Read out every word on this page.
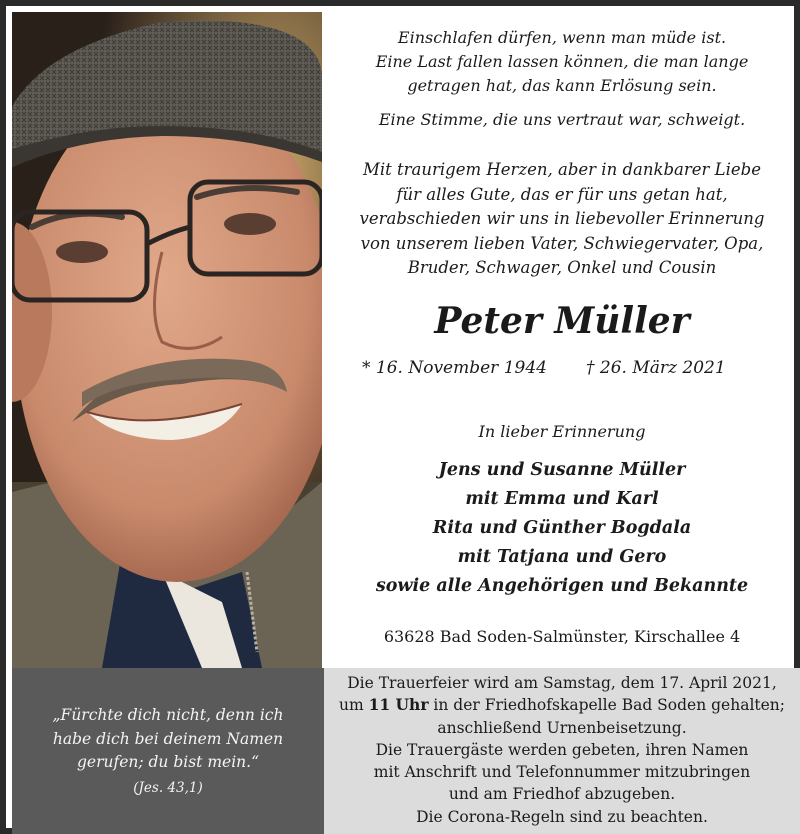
Einschlafen dürfen, wenn man müde ist.

Eine Last fallen lassen können, die man lange

getragen hat, das kann Erlösung sein.

Eine Stimme, die uns vertraut war, schweigt.

Mit traurigem Herzen, aber in dankbarer Liebe
für alles Gute, das er für uns getan hat,
verabschieden wir uns in liebevoller Erinnerung
von unserem lieben Vater, Schwiegervater, Opa,
Bruder, Schwager, Onkel und Cousin
Peter Müller
* 16. November 1944 † 26. März 2021
In lieber Erinnerung
Jens und Susanne Müller
mit Emma und Karl
Rita und Günther Bogdala
mit Tatjana und Gero
sowie alle Angehörigen und Bekannte
63628 Bad Soden-Salmünster, Kirschallee 4
„Fürchte dich nicht, denn ich
habe dich bei deinem Namen
gerufen; du bist mein.“
(Jes. 43,1)
Die Trauerfeier wird am Samstag, dem 17. April 2021,
um 11 Uhr in der Friedhofskapelle Bad Soden gehalten;
anschließend Urnenbeisetzung.
Die Trauergäste werden gebeten, ihren Namen
mit Anschrift und Telefonnummer mitzubringen
und am Friedhof abzugeben.
Die Corona-Regeln sind zu beachten.
